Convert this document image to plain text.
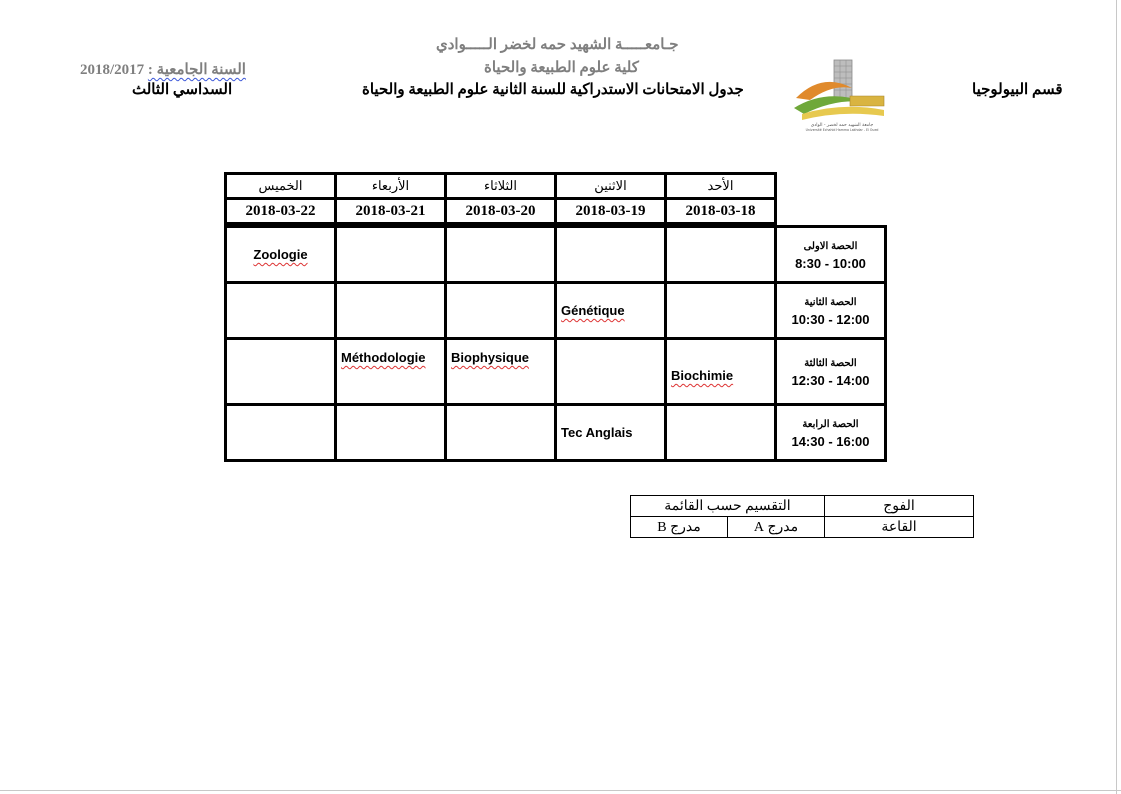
جـامعـــــة الشهيد حمه لخضر الـــــوادي
كلية علوم الطبيعة والحياة
2018/2017 السنة الجامعية :
قسم البيولوجيا
جدول الامتحانات الاستدراكية للسنة الثانية علوم الطبيعة والحياة
السداسي الثالث
جامعة الشهيد حمه لخضر - الوادي
Université Echahid Hamma Lakhdar - El Oued
الخميس	الأربعاء	الثلاثاء	الاثنين	الأحد
2018-03-22	2018-03-21	2018-03-20	2018-03-19	2018-03-18
Zoologie					الحصة الاولى
8:30 - 10:00

			Génétique		الحصة الثانية
10:30 - 12:00

	Méthodologie	Biophysique		Biochimie	الحصة الثالثة
12:30 - 14:00

			Tec Anglais		الحصة الرابعة
14:30 - 16:00
التقسيم حسب القائمة		الفوج
مدرج B	مدرج A	القاعة
